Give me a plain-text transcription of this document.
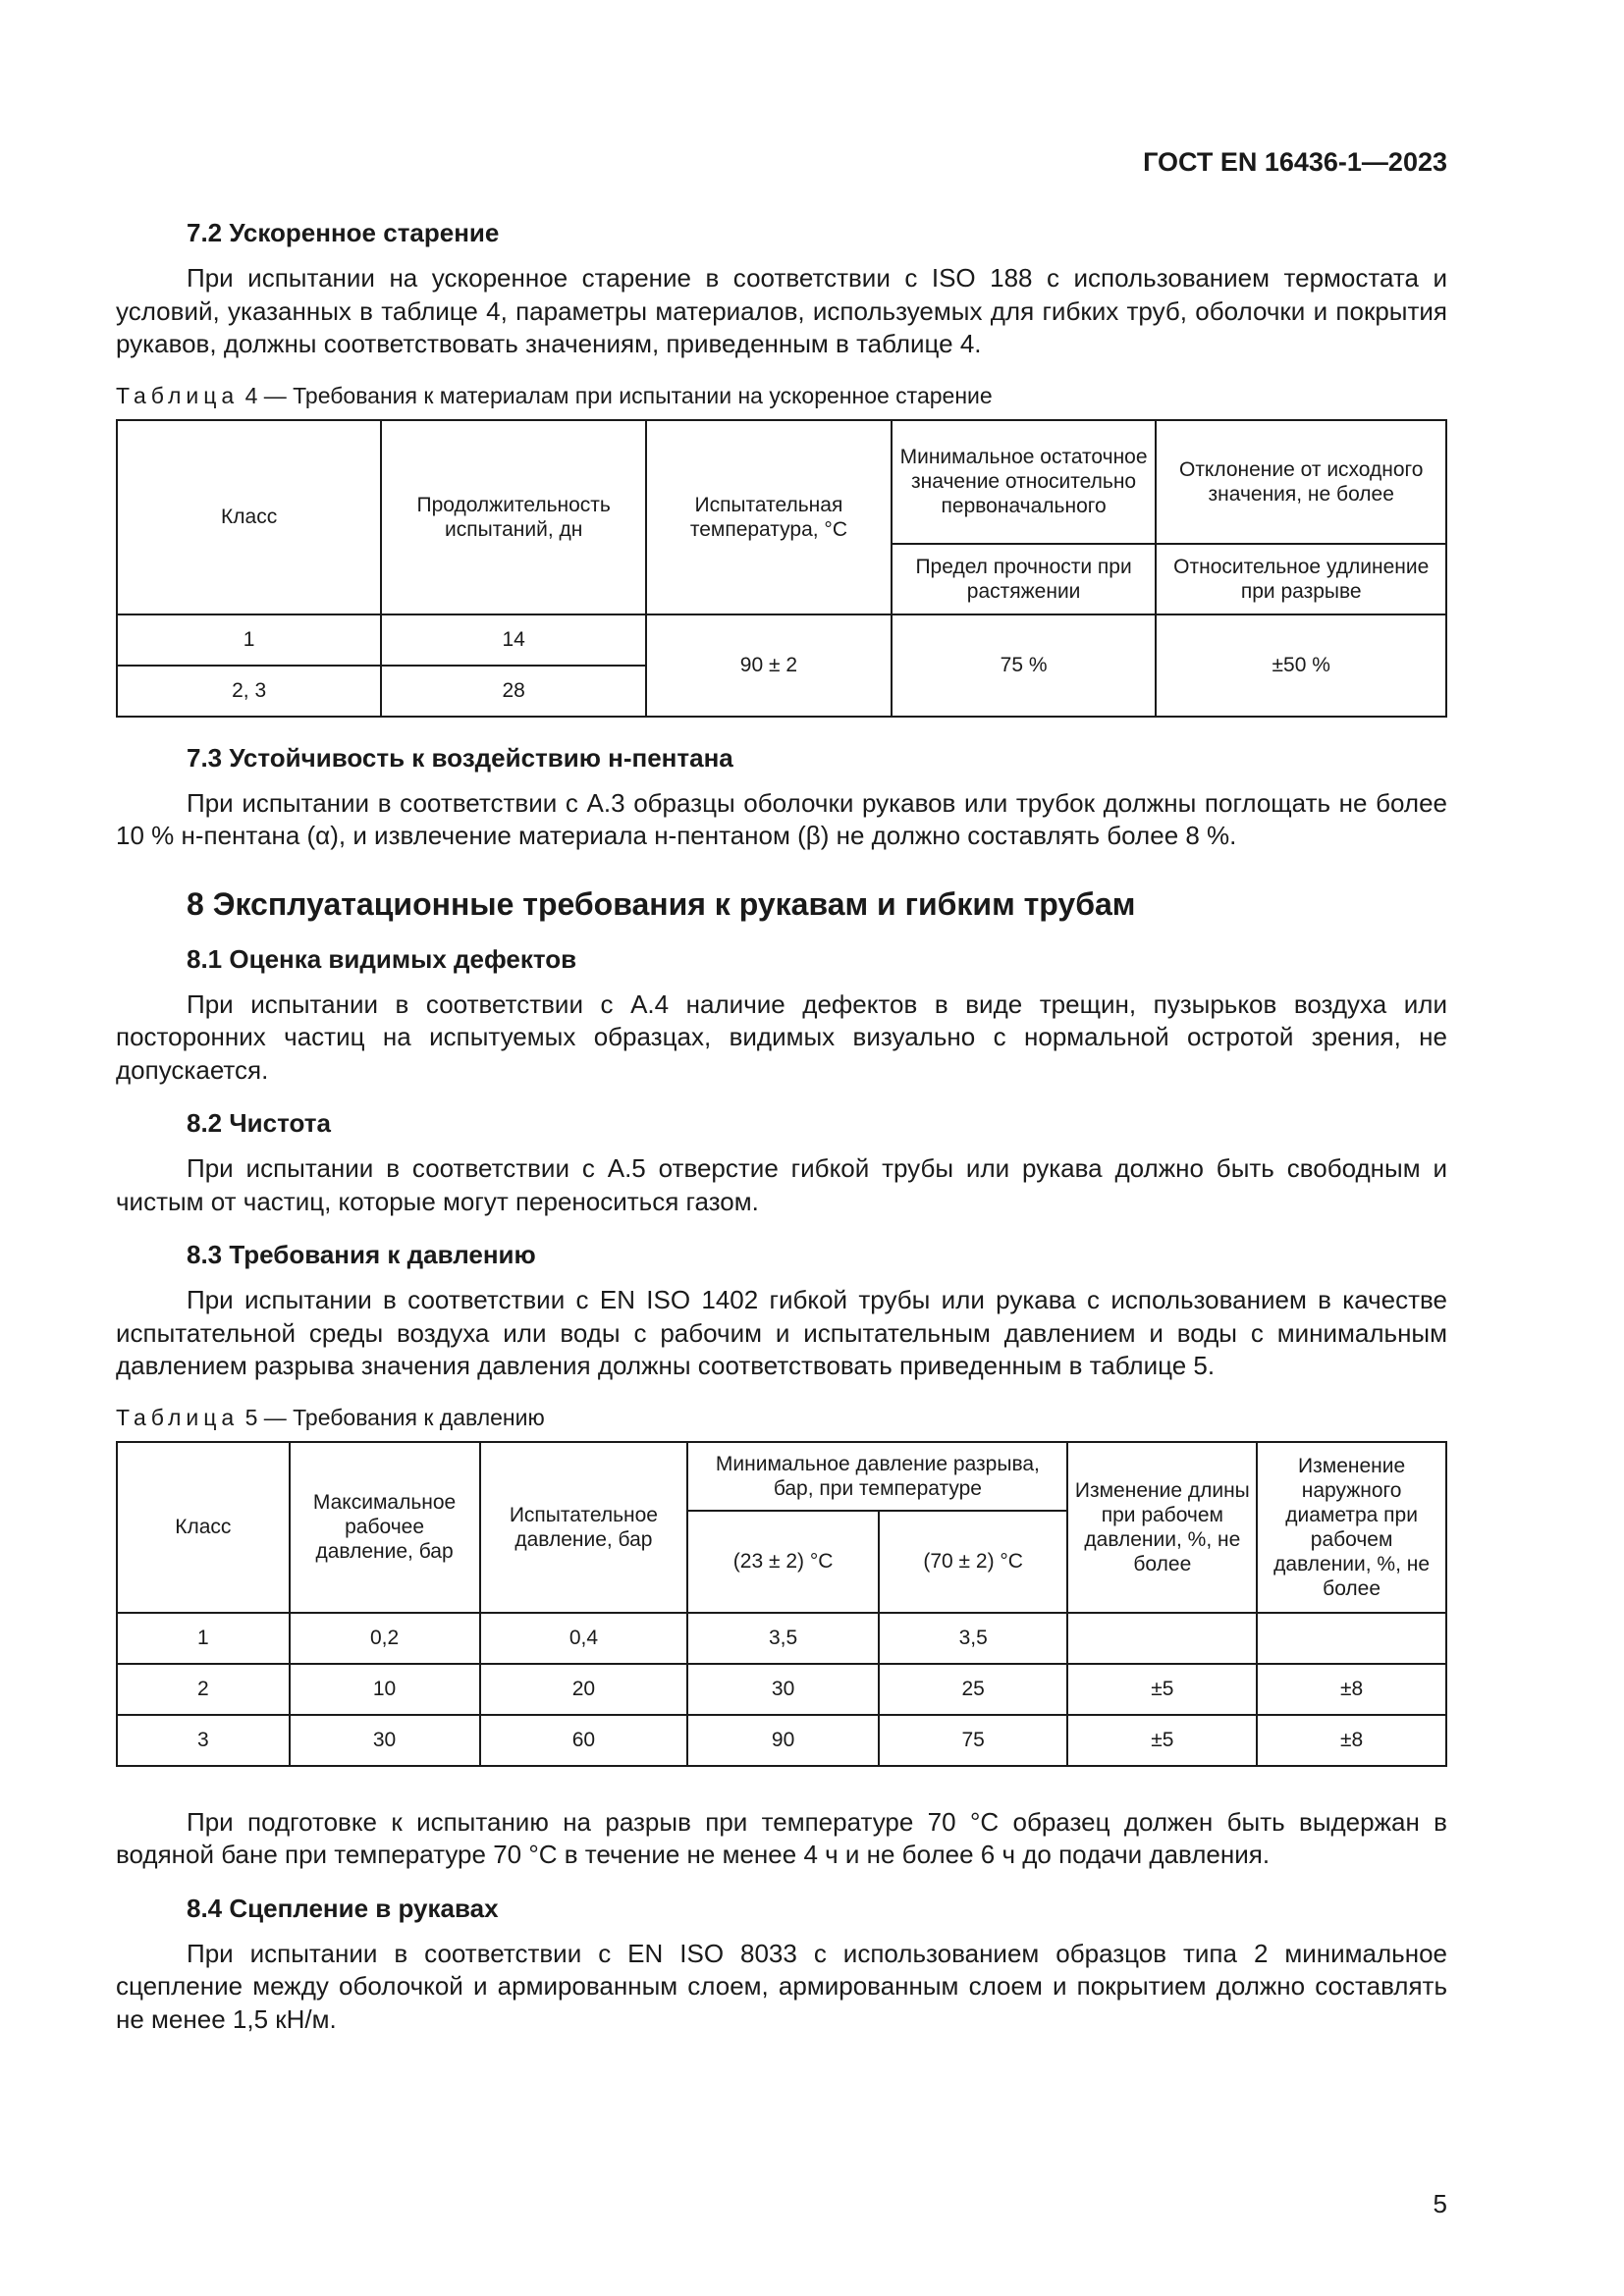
ГОСТ EN 16436-1—2023
7.2 Ускоренное старение
При испытании на ускоренное старение в соответствии с ISO 188 с использованием термостата и условий, указанных в таблице 4, параметры материалов, используемых для гибких труб, оболочки и покрытия рукавов, должны соответствовать значениям, приведенным в таблице 4.
Таблица 4 — Требования к материалам при испытании на ускоренное старение
Класс	Продолжительность испытаний, дн	Испытательная температура, °С	Минимальное остаточное значение относительно первоначального	Отклонение от исходного значения, не более
			Предел прочности при растяжении	Относительное удлинение при разрыве
1	14	90 ± 2	75 %	±50 %
2, 3	28			
7.3 Устойчивость к воздействию н-пентана
При испытании в соответствии с А.3 образцы оболочки рукавов или трубок должны поглощать не более 10 % н-пентана (α), и извлечение материала н-пентаном (β) не должно составлять более 8 %.
8 Эксплуатационные требования к рукавам и гибким трубам
8.1 Оценка видимых дефектов
При испытании в соответствии с А.4 наличие дефектов в виде трещин, пузырьков воздуха или посторонних частиц на испытуемых образцах, видимых визуально с нормальной остротой зрения, не допускается.
8.2 Чистота
При испытании в соответствии с А.5 отверстие гибкой трубы или рукава должно быть свободным и чистым от частиц, которые могут переноситься газом.
8.3 Требования к давлению
При испытании в соответствии с EN ISO 1402 гибкой трубы или рукава с использованием в качестве испытательной среды воздуха или воды с рабочим и испытательным давлением и воды с минимальным давлением разрыва значения давления должны соответствовать приведенным в таблице 5.
Таблица 5 — Требования к давлению
Класс	Максимальное рабочее давление, бар	Испытательное давление, бар	Минимальное давление разрыва, бар, при температуре		Изменение длины при рабочем давлении, %, не более	Изменение наружного диаметра при рабочем давлении, %, не более
			(23 ± 2) °С	(70 ± 2) °С		
1	0,2	0,4	3,5	3,5		
2	10	20	30	25	±5	±8
3	30	60	90	75	±5	±8
При подготовке к испытанию на разрыв при температуре 70 °С образец должен быть выдержан в водяной бане при температуре 70 °С в течение не менее 4 ч и не более 6 ч до подачи давления.
8.4 Сцепление в рукавах
При испытании в соответствии с EN ISO 8033 с использованием образцов типа 2 минимальное сцепление между оболочкой и армированным слоем, армированным слоем и покрытием должно составлять не менее 1,5 кН/м.
5
